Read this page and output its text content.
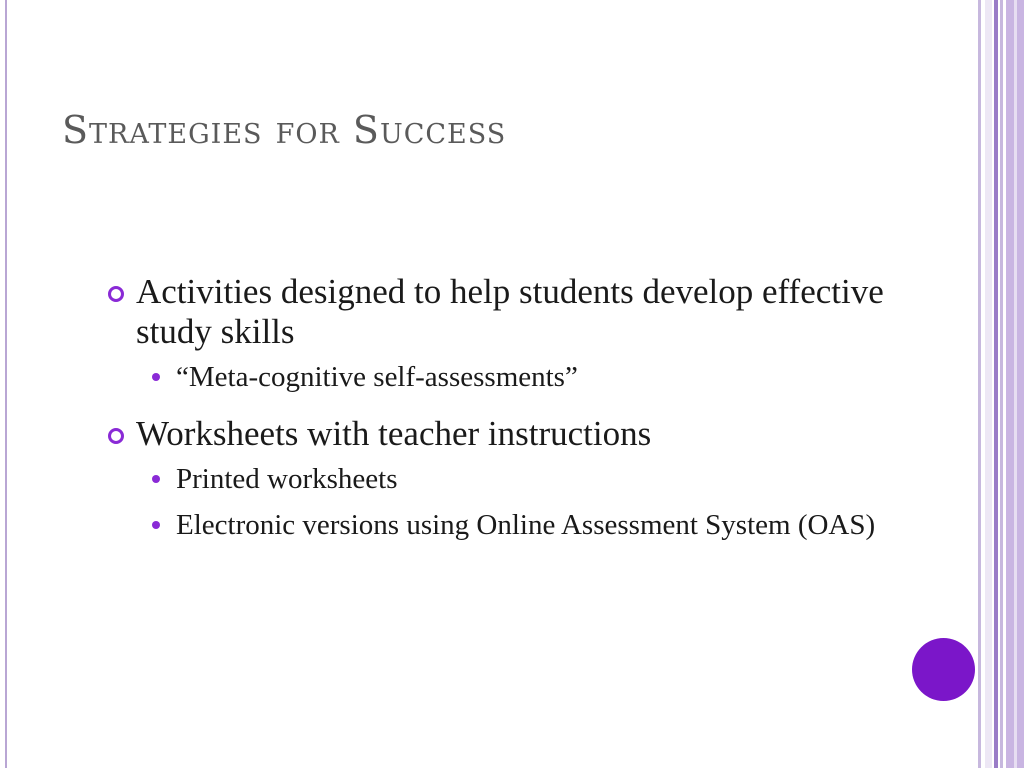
Strategies for Success
Activities designed to help students develop effective study skills
“Meta-cognitive self-assessments”
Worksheets with teacher instructions
Printed worksheets
Electronic versions using Online Assessment System (OAS)
